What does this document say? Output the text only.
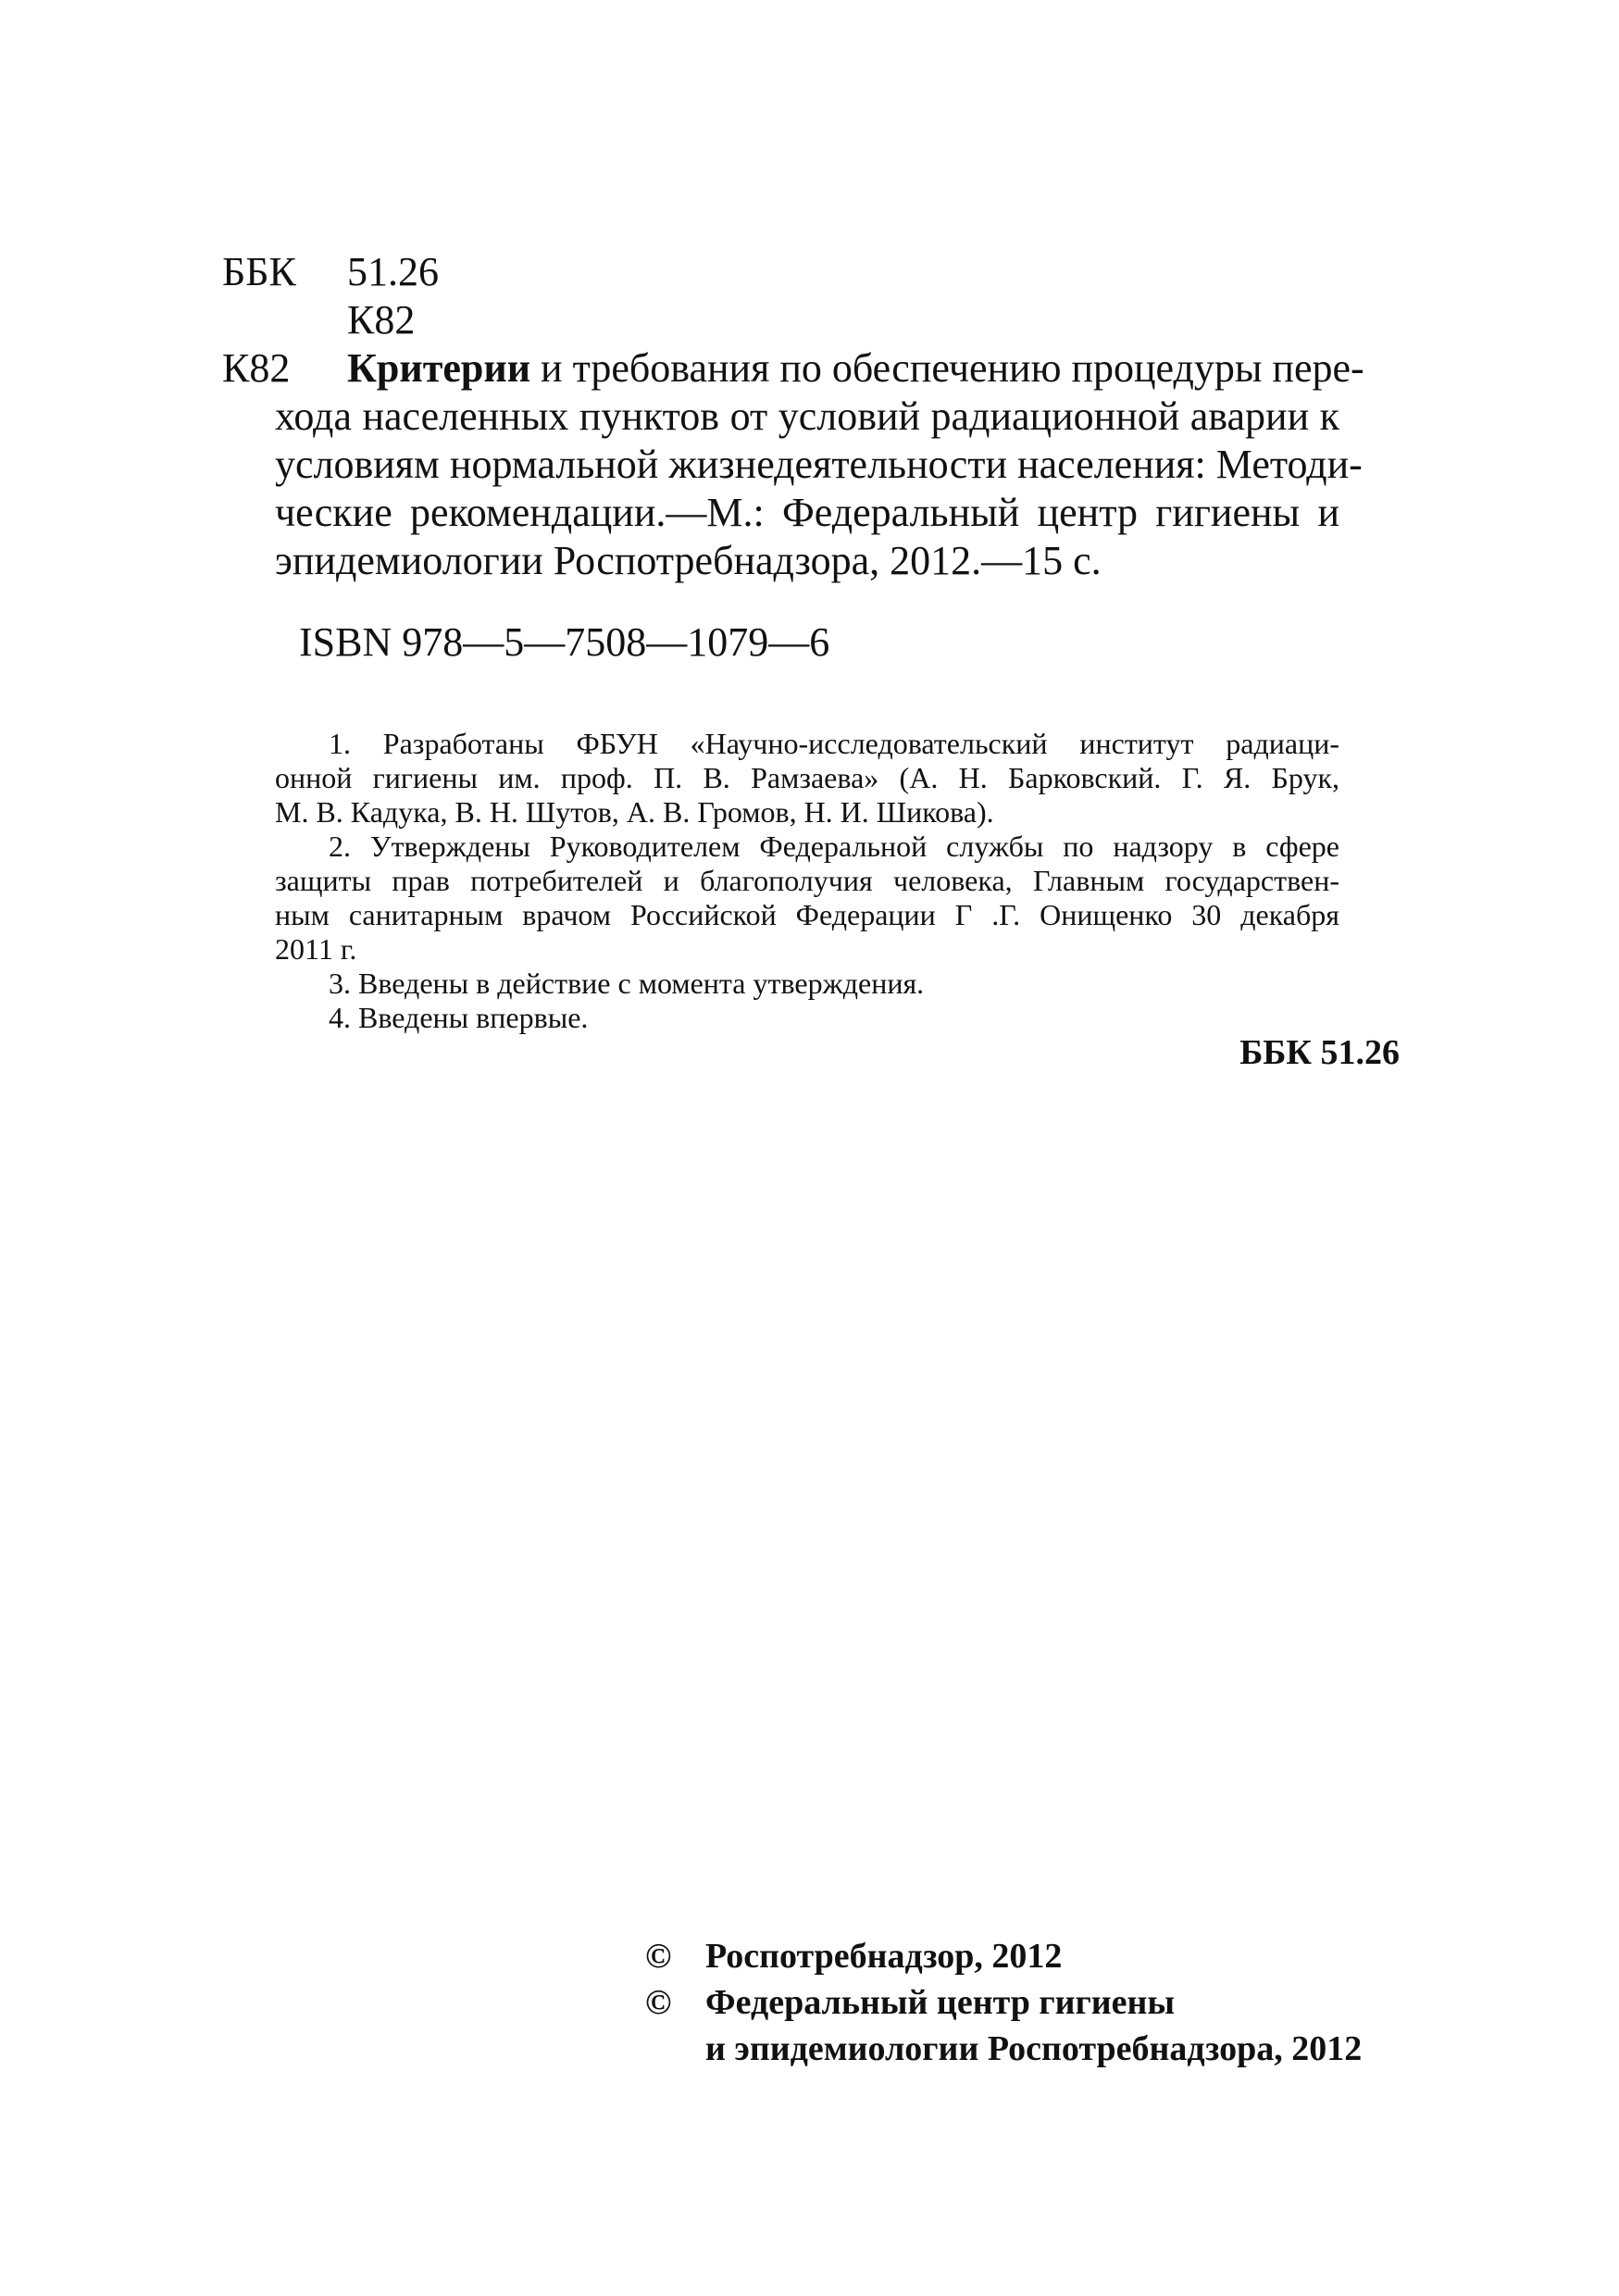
ББК 51.26
К82
К82	Критерии и требования по обеспечению процедуры пере-
хода населенных пунктов от условий радиационной аварии к
условиям нормальной жизнедеятельности населения: Методи-
ческие рекомендации.—М.: Федеральный центр гигиены и
эпидемиологии Роспотребнадзора, 2012.—15 с.
ISBN 978—5—7508—1079—6
1. Разработаны ФБУН «Научно-исследовательский институт радиаци-
онной гигиены им. проф. П. В. Рамзаева» (А. Н. Барковский. Г. Я. Брук,
М. В. Кадука, В. Н. Шутов, А. В. Громов, Н. И. Шикова).
2. Утверждены Руководителем Федеральной службы по надзору в сфере
защиты прав потребителей и благополучия человека, Главным государствен-
ным санитарным врачом Российской Федерации Г .Г. Онищенко 30 декабря
2011 г.
3. Введены в действие с момента утверждения.
4. Введены впервые.
ББК 51.26
© Роспотребнадзор, 2012
© Федеральный центр гигиены
и эпидемиологии Роспотребнадзора, 2012
